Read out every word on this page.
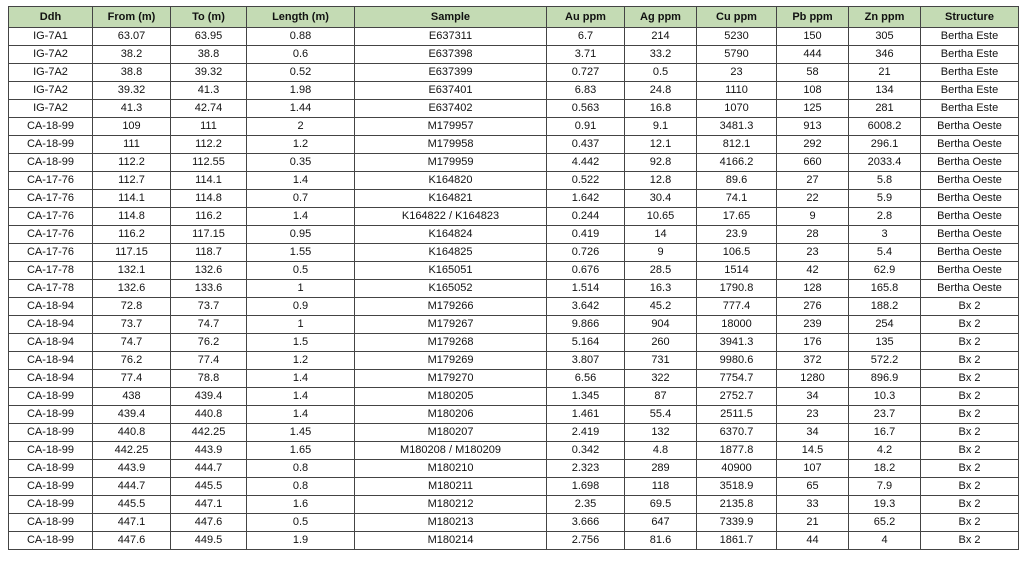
Ddh	From (m)	To (m)	Length (m)	Sample	Au ppm	Ag ppm	Cu ppm	Pb ppm	Zn ppm	Structure
IG-7A1	63.07	63.95	0.88	E637311	6.7	214	5230	150	305	Bertha Este
IG-7A2	38.2	38.8	0.6	E637398	3.71	33.2	5790	444	346	Bertha Este
IG-7A2	38.8	39.32	0.52	E637399	0.727	0.5	23	58	21	Bertha Este
IG-7A2	39.32	41.3	1.98	E637401	6.83	24.8	1110	108	134	Bertha Este
IG-7A2	41.3	42.74	1.44	E637402	0.563	16.8	1070	125	281	Bertha Este
CA-18-99	109	111	2	M179957	0.91	9.1	3481.3	913	6008.2	Bertha Oeste
CA-18-99	111	112.2	1.2	M179958	0.437	12.1	812.1	292	296.1	Bertha Oeste
CA-18-99	112.2	112.55	0.35	M179959	4.442	92.8	4166.2	660	2033.4	Bertha Oeste
CA-17-76	112.7	114.1	1.4	K164820	0.522	12.8	89.6	27	5.8	Bertha Oeste
CA-17-76	114.1	114.8	0.7	K164821	1.642	30.4	74.1	22	5.9	Bertha Oeste
CA-17-76	114.8	116.2	1.4	K164822 / K164823	0.244	10.65	17.65	9	2.8	Bertha Oeste
CA-17-76	116.2	117.15	0.95	K164824	0.419	14	23.9	28	3	Bertha Oeste
CA-17-76	117.15	118.7	1.55	K164825	0.726	9	106.5	23	5.4	Bertha Oeste
CA-17-78	132.1	132.6	0.5	K165051	0.676	28.5	1514	42	62.9	Bertha Oeste
CA-17-78	132.6	133.6	1	K165052	1.514	16.3	1790.8	128	165.8	Bertha Oeste
CA-18-94	72.8	73.7	0.9	M179266	3.642	45.2	777.4	276	188.2	Bx 2
CA-18-94	73.7	74.7	1	M179267	9.866	904	18000	239	254	Bx 2
CA-18-94	74.7	76.2	1.5	M179268	5.164	260	3941.3	176	135	Bx 2
CA-18-94	76.2	77.4	1.2	M179269	3.807	731	9980.6	372	572.2	Bx 2
CA-18-94	77.4	78.8	1.4	M179270	6.56	322	7754.7	1280	896.9	Bx 2
CA-18-99	438	439.4	1.4	M180205	1.345	87	2752.7	34	10.3	Bx 2
CA-18-99	439.4	440.8	1.4	M180206	1.461	55.4	2511.5	23	23.7	Bx 2
CA-18-99	440.8	442.25	1.45	M180207	2.419	132	6370.7	34	16.7	Bx 2
CA-18-99	442.25	443.9	1.65	M180208 / M180209	0.342	4.8	1877.8	14.5	4.2	Bx 2
CA-18-99	443.9	444.7	0.8	M180210	2.323	289	40900	107	18.2	Bx 2
CA-18-99	444.7	445.5	0.8	M180211	1.698	118	3518.9	65	7.9	Bx 2
CA-18-99	445.5	447.1	1.6	M180212	2.35	69.5	2135.8	33	19.3	Bx 2
CA-18-99	447.1	447.6	0.5	M180213	3.666	647	7339.9	21	65.2	Bx 2
CA-18-99	447.6	449.5	1.9	M180214	2.756	81.6	1861.7	44	4	Bx 2
